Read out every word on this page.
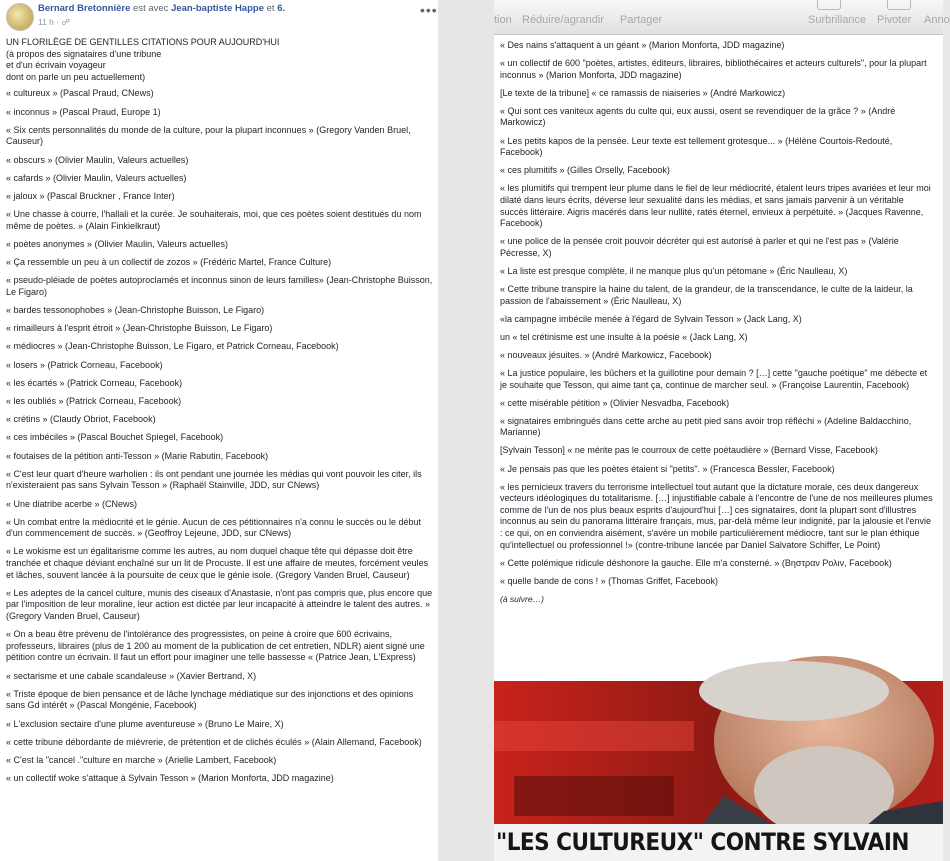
Bernard Bretonnière est avec Jean-baptiste Happe et 6.
11 h · ☍
•••
UN FLORILÈGE DE GENTILLES CITATIONS POUR AUJOURD'HUI
(à propos des signataires d'une tribune
et d'un écrivain voyageur
dont on parle un peu actuellement)

« cultureux » (Pascal Praud, CNews)

« inconnus » (Pascal Praud, Europe 1)

« Six cents personnalités du monde de la culture, pour la plupart inconnues » (Gregory Vanden Bruel, Causeur)

« obscurs » (Olivier Maulin, Valeurs actuelles)

« cafards » (Olivier Maulin, Valeurs actuelles)

« jaloux » (Pascal Bruckner , France Inter)

« Une chasse à courre, l'hallali et la curée. Je souhaiterais, moi, que ces poètes soient destitués du nom même de poètes. » (Alain Finkielkraut)

« poètes anonymes » (Olivier Maulin, Valeurs actuelles)

« Ça ressemble un peu à un collectif de zozos » (Frédéric Martel, France Culture)

« pseudo-pléiade de poètes autoproclamés et inconnus sinon de leurs familles» (Jean-Christophe Buisson, Le Figaro)

« bardes tessonophobes » (Jean-Christophe Buisson, Le Figaro)

« rimailleurs à l'esprit étroit » (Jean-Christophe Buisson, Le Figaro)

« médiocres » (Jean-Christophe Buisson, Le Figaro, et Patrick Corneau, Facebook)

« losers » (Patrick Corneau, Facebook)

« les écartés » (Patrick Corneau, Facebook)

« les oubliés » (Patrick Corneau, Facebook)

« crétins » (Claudy Obriot, Facebook)

« ces imbéciles » (Pascal Bouchet Spiegel, Facebook)

« foutaises de la pétition anti-Tesson » (Marie Rabutin, Facebook)

« C'est leur quart d'heure warholien : ils ont pendant une journée les médias qui vont pouvoir les citer, ils n'existeraient pas sans Sylvain Tesson » (Raphaël Stainville, JDD, sur CNews)

« Une diatribe acerbe » (CNews)

« Un combat entre la médiocrité et le génie. Aucun de ces pétitionnaires n'a connu le succès ou le début d'un commencement de succès. » (Geoffroy Lejeune, JDD, sur CNews)

« Le wokisme est un égalitarisme comme les autres, au nom duquel chaque tête qui dépasse doit être tranchée et chaque déviant enchaîné sur un lit de Procuste. Il est une affaire de meutes, forcément veules et lâches, souvent lancée à la poursuite de ceux que le génie isole. (Gregory Vanden Bruel, Causeur)

« Les adeptes de la cancel culture, munis des ciseaux d'Anastasie, n'ont pas compris que, plus encore que par l'imposition de leur moraline, leur action est dictée par leur incapacité à atteindre le talent des autres. » (Gregory Vanden Bruel, Causeur)

« On a beau être prévenu de l'intolérance des progressistes, on peine à croire que 600 écrivains, professeurs, libraires (plus de 1 200 au moment de la publication de cet entretien, NDLR) aient signé une pétition contre un écrivain. Il faut un effort pour imaginer une telle bassesse « (Patrice Jean, L'Express)

« sectarisme et une cabale scandaleuse » (Xavier Bertrand, X)

« Triste époque de bien pensance et de lâche lynchage médiatique sur des injonctions et des opinions sans Gd intérêt » (Pascal Mongénie, Facebook)

« L'exclusion sectaire d'une plume aventureuse » (Bruno Le Maire, X)

« cette tribune débordante de miévrerie, de prétention et de clichés éculés » (Alain Allemand, Facebook)

« C'est la "cancel ."culture en marche » (Arielle Lambert, Facebook)

« un collectif woke s'attaque à Sylvain Tesson » (Marion Monforta, JDD magazine)

tion Réduire/agrandir Partager	Surbrillance Pivoter Anno

« Des nains s'attaquent à un géant » (Marion Monforta, JDD magazine)

« un collectif de 600 "poètes, artistes, éditeurs, libraires, bibliothécaires et acteurs culturels", pour la plupart inconnus » (Marion Monforta, JDD magazine)

[Le texte de la tribune] « ce ramassis de niaiseries » (André Markowicz)

« Qui sont ces vaniteux agents du culte qui, eux aussi, osent se revendiquer de la grâce ? » (André Markowicz)

« Les petits kapos de la pensée. Leur texte est tellement grotesque... » (Hélène Courtois-Redouté, Facebook)

« ces plumitifs » (Gilles Orselly, Facebook)

« les plumitifs qui trempent leur plume dans le fiel de leur médiocrité, étalent leurs tripes avariées et leur moi dilaté dans leurs écrits, déverse leur sexualité dans les médias, et sans jamais parvenir à un véritable succès littéraire. Aigris macérés dans leur nullité, ratés éternel, envieux à perpétuité. » (Jacques Ravenne, Facebook)

« une police de la pensée croit pouvoir décréter qui est autorisé à parler et qui ne l'est pas » (Valérie Pécresse, X)

« La liste est presque complète, il ne manque plus qu'un pétomane » (Éric Naulleau, X)

« Cette tribune transpire la haine du talent, de la grandeur, de la transcendance, le culte de la laideur, la passion de l'abaissement » (Éric Naulleau, X)

«la campagne imbécile menée à l'égard de Sylvain Tesson » (Jack Lang, X)

un « tel crétinisme est une insulte à la poésie « (Jack Lang, X)

« nouveaux jésuites. » (André Markowicz, Facebook)

« La justice populaire, les bûchers et la guillotine pour demain ? […] cette "gauche poétique" me débecte et je souhaite que Tesson, qui aime tant ça, continue de marcher seul. » (Françoise Laurentin, Facebook)

« cette misérable pétition » (Olivier Nesvadba, Facebook)

« signataires embringués dans cette arche au petit pied sans avoir trop réfléchi » (Adeline Baldacchino, Marianne)

[Sylvain Tesson] « ne mérite pas le courroux de cette poétaudière » (Bernard Visse, Facebook)

« Je pensais pas que les poètes étaient si "petits". » (Francesca Bessler, Facebook)

« les pernicieux travers du terrorisme intellectuel tout autant que la dictature morale, ces deux dangereux vecteurs idéologiques du totalitarisme. […] injustifiable cabale à l'encontre de l'une de nos meilleures plumes comme de l'un de nos plus beaux esprits d'aujourd'hui […] ces signataires, dont la plupart sont d'illustres inconnus au sein du panorama littéraire français, mus, par-delà même leur indignité, par la jalousie et l'envie : ce qui, on en conviendra aisément, s'avère un mobile particulièrement médiocre, tant sur le plan éthique qu'intellectuel ou professionnel !» (contre-tribune lancée par Daniel Salvatore Schiffer, Le Point)

« Cette polémique ridicule déshonore la gauche. Elle m'a consterné. » (Βηστραν Ρολιν, Facebook)

« quelle bande de cons ! » (Thomas Griffet, Facebook)

(à suivre…)

"LES CULTUREUX" CONTRE SYLVAIN
